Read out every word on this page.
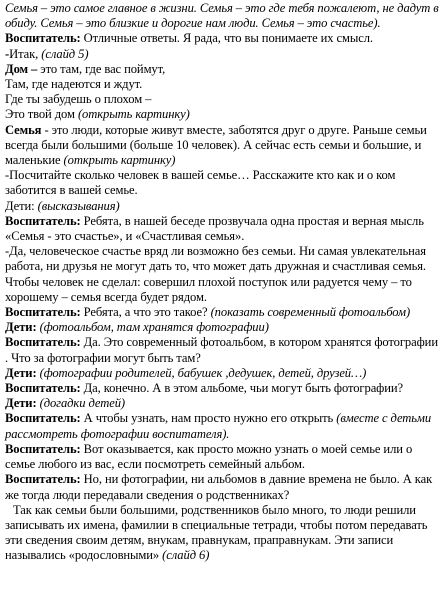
Семья – это самое главное в жизни. Семья – это где тебя пожалеют, не дадут в обиду. Семья – это близкие и дорогие нам люди. Семья – это счастье).

Воспитатель: Отличные ответы. Я рада, что вы понимаете их смысл.

-Итак, (слайд 5)

Дом – это там, где вас поймут,

Там, где надеются и ждут.

Где ты забудешь о плохом –

Это твой дом (открыть картинку)

Семья - это люди, которые живут вместе, заботятся друг о друге. Раньше семьи всегда были большими (больше 10 человек). А сейчас есть семьи и большие, и маленькие (открыть картинку)

-Посчитайте сколько человек в вашей семье… Расскажите кто как и о ком заботится в вашей семье.

Дети: (высказывания)

Воспитатель: Ребята, в нашей беседе прозвучала одна простая и верная мысль «Семья - это счастье», и «Счастливая семья».

-Да, человеческое счастье вряд ли возможно без семьи. Ни самая увлекательная работа, ни друзья не могут дать то, что может дать дружная и счастливая семья. Чтобы человек не сделал: совершил плохой поступок или радуется чему – то хорошему – семья всегда будет рядом.

Воспитатель: Ребята, а что это такое? (показать современный фотоальбом)

Дети: (фотоальбом, там хранятся фотографии)

Воспитатель: Да. Это современный фотоальбом, в котором хранятся фотографии . Что за фотографии могут быть там?

Дети: (фотографии родителей, бабушек ,дедушек, детей, друзей…)

Воспитатель: Да, конечно. А в этом альбоме, чьи могут быть фотографии?

Дети: (догадки детей)

Воспитатель: А чтобы узнать, нам просто нужно его открыть (вместе с детьми рассмотреть фотографии воспитателя).

Воспитатель: Вот оказывается, как просто можно узнать о моей семье или о семье любого из вас, если посмотреть семейный альбом.

Воспитатель: Но, ни фотографии, ни альбомов в давние времена не было. А как же тогда люди передавали сведения о родственниках?

Так как семьи были большими, родственников было много, то люди решили записывать их имена, фамилии в специальные тетради, чтобы потом передавать эти сведения своим детям, внукам, правнукам, праправнукам. Эти записи назывались «родословными» (слайд 6)
